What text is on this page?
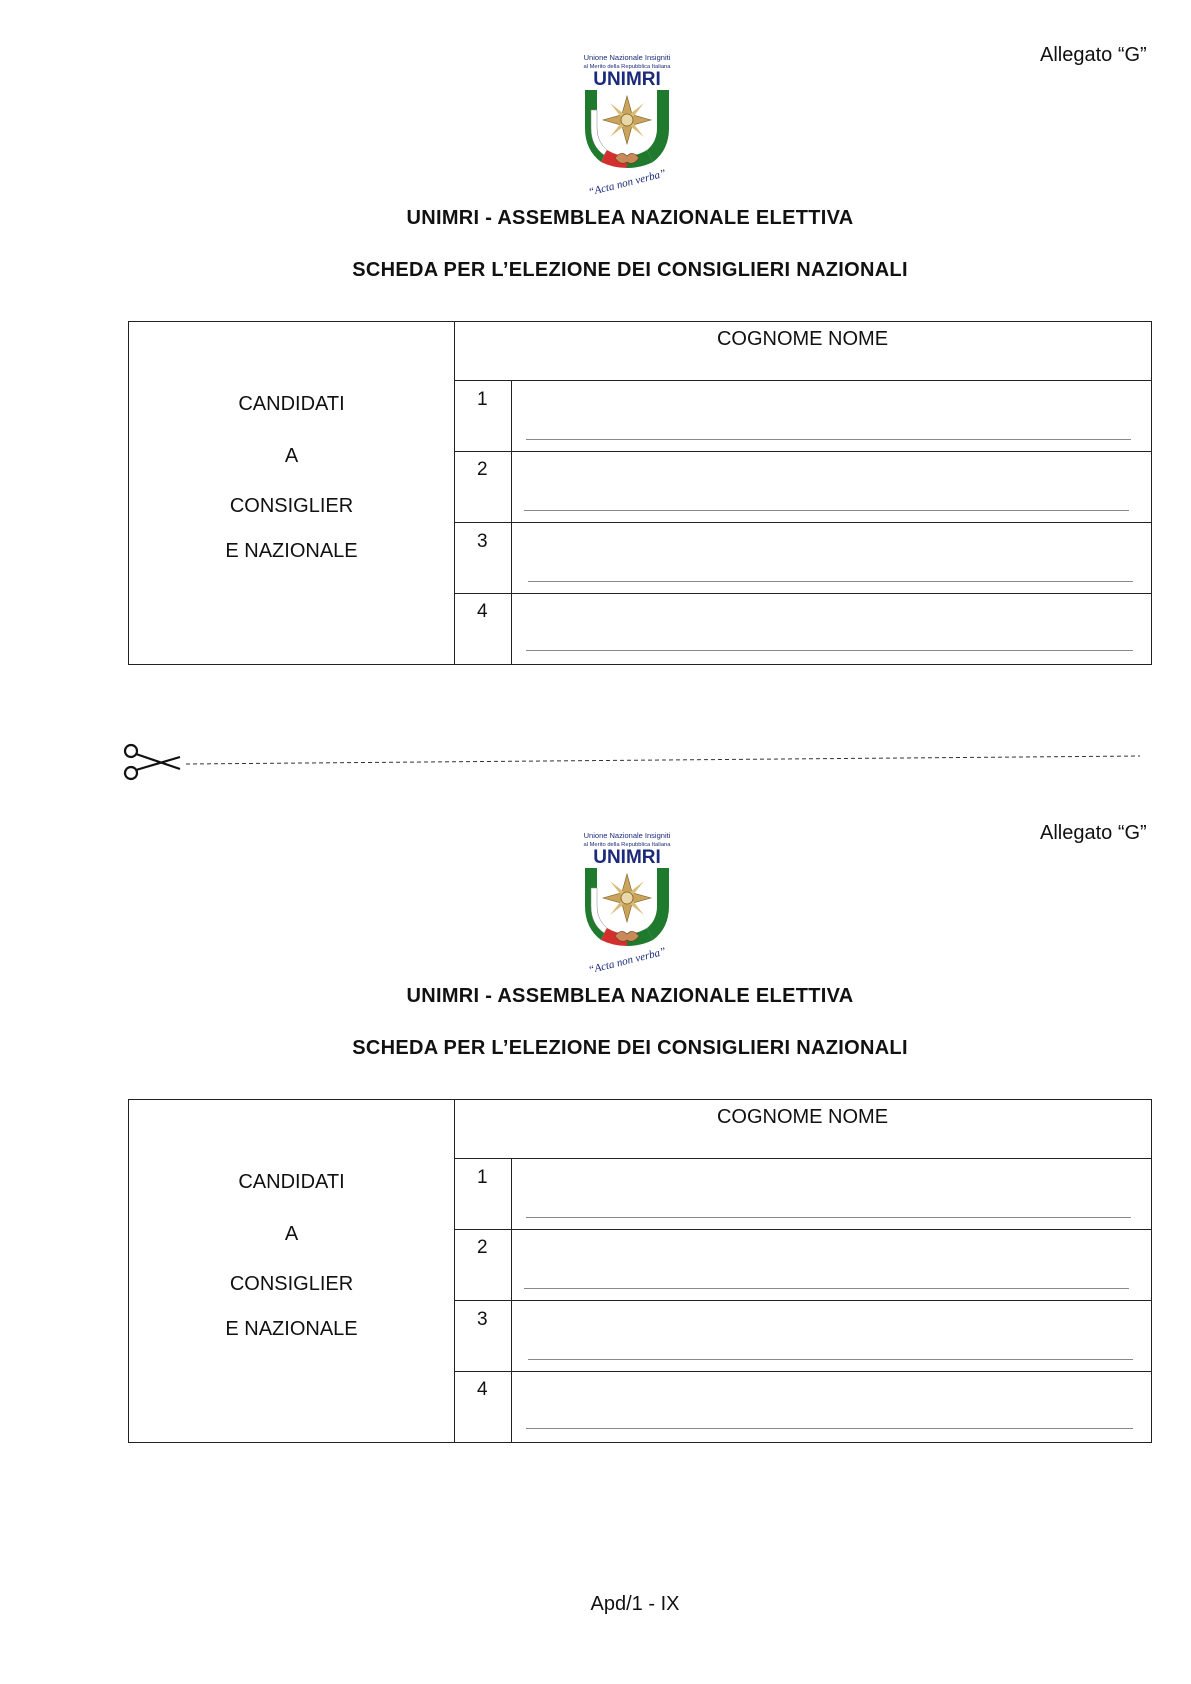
Allegato “G”
Unione Nazionale Insigniti
al Merito della Repubblica Italiana
UNIMRI
“Acta non verba”
UNIMRI - ASSEMBLEA NAZIONALE ELETTIVA
SCHEDA PER L’ELEZIONE DEI CONSIGLIERI NAZIONALI
COGNOME NOME
CANDIDATI
A
CONSIGLIER
E NAZIONALE
1
2
3
4
Allegato “G”
Unione Nazionale Insigniti
al Merito della Repubblica Italiana
UNIMRI
“Acta non verba”
UNIMRI - ASSEMBLEA NAZIONALE ELETTIVA
SCHEDA PER L’ELEZIONE DEI CONSIGLIERI NAZIONALI
COGNOME NOME
CANDIDATI
A
CONSIGLIER
E NAZIONALE
1
2
3
4
Apd/1 - IX
